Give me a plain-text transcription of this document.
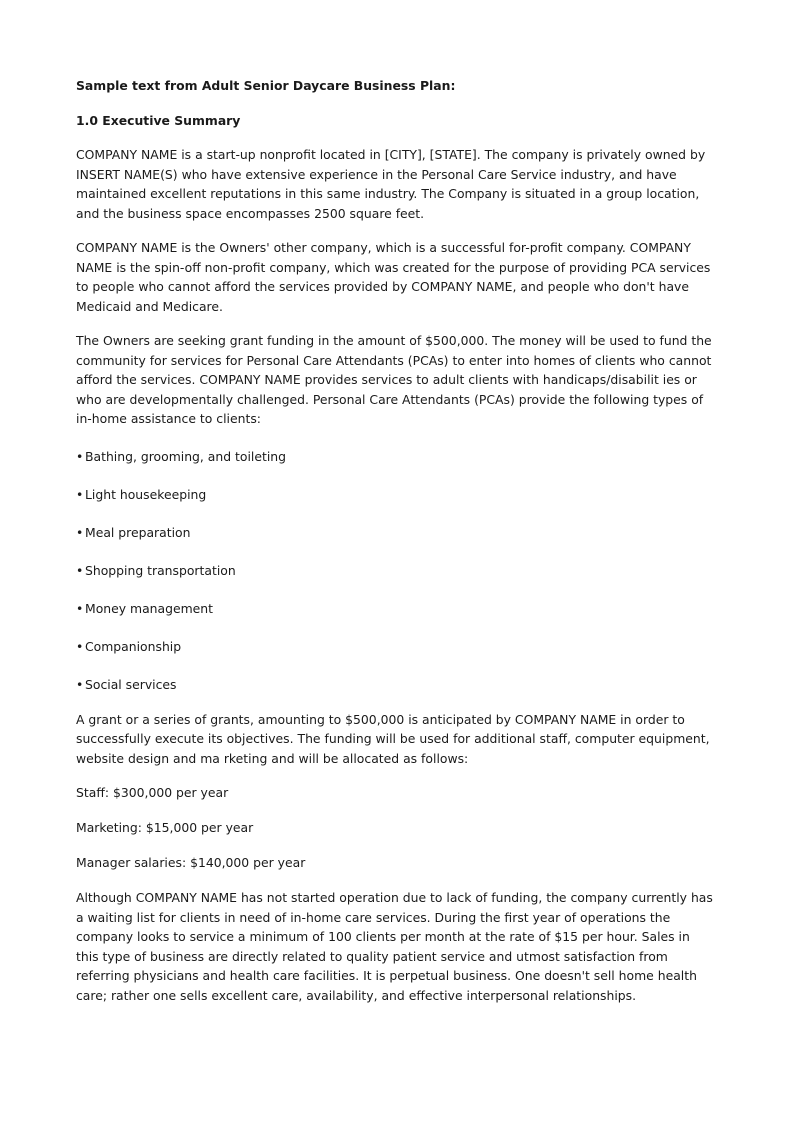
Sample text from Adult Senior Daycare Business Plan:

1.0 Executive Summary

COMPANY NAME is a start-up nonprofit located in [CITY], [STATE]. The company is privately owned by INSERT NAME(S) who have extensive experience in the Personal Care Service industry, and have maintained excellent reputations in this same industry. The Company is situated in a group location, and the business space encompasses 2500 square feet.

COMPANY NAME is the Owners' other company, which is a successful for-profit company. COMPANY NAME is the spin-off non-profit company, which was created for the purpose of providing PCA services to people who cannot afford the services provided by COMPANY NAME, and people who don't have Medicaid and Medicare.

The Owners are seeking grant funding in the amount of $500,000. The money will be used to fund the community for services for Personal Care Attendants (PCAs) to enter into homes of clients who cannot afford the services. COMPANY NAME provides services to adult clients with handicaps/disabilit ies or who are developmentally challenged. Personal Care Attendants (PCAs) provide the following types of in-home assistance to clients:

• Bathing, grooming, and toileting
• Light housekeeping
• Meal preparation
• Shopping transportation
• Money management
• Companionship
• Social services

A grant or a series of grants, amounting to $500,000 is anticipated by COMPANY NAME in order to successfully execute its objectives. The funding will be used for additional staff, computer equipment, website design and ma rketing and will be allocated as follows:

Staff: $300,000 per year

Marketing: $15,000 per year

Manager salaries: $140,000 per year

Although COMPANY NAME has not started operation due to lack of funding, the company currently has a waiting list for clients in need of in-home care services. During the first year of operations the company looks to service a minimum of 100 clients per month at the rate of $15 per hour. Sales in this type of business are directly related to quality patient service and utmost satisfaction from referring physicians and health care facilities. It is perpetual business. One doesn't sell home health care; rather one sells excellent care, availability, and effective interpersonal relationships.
